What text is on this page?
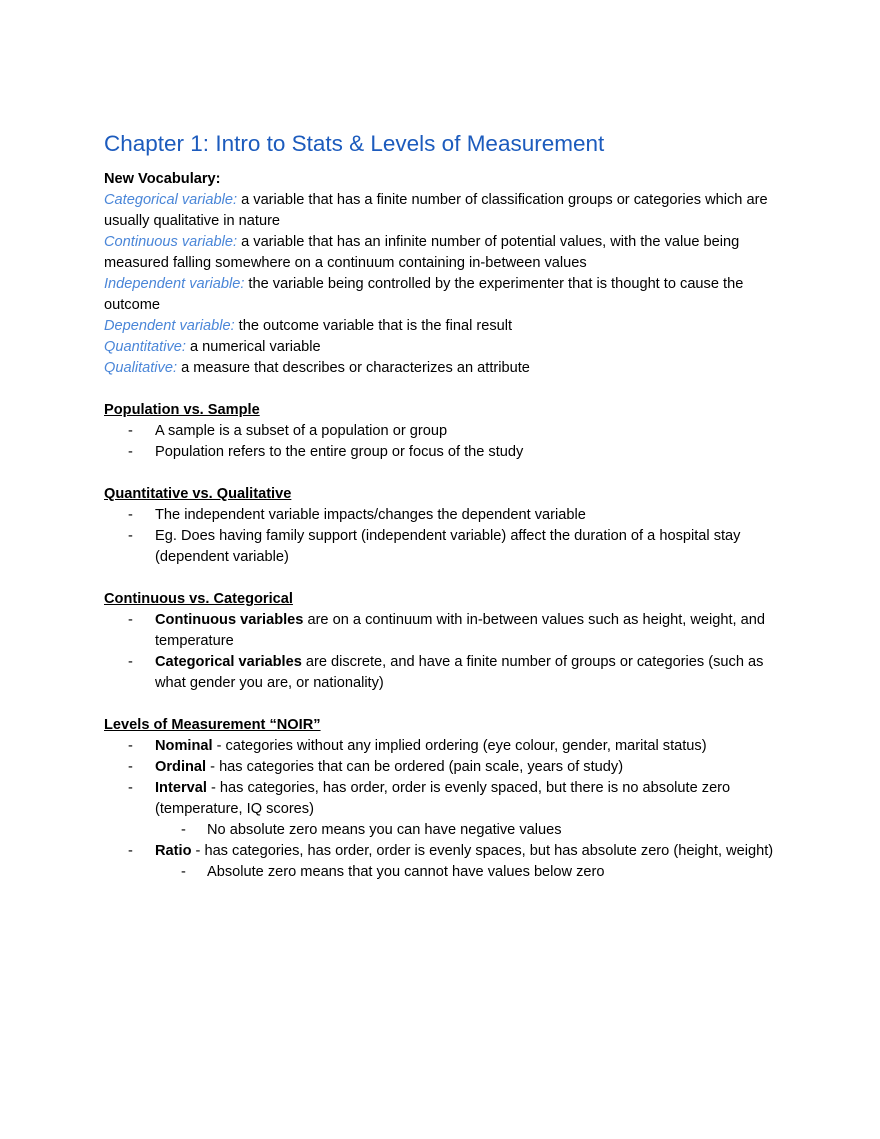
Chapter 1: Intro to Stats & Levels of Measurement
New Vocabulary:

Categorical variable: a variable that has a finite number of classification groups or categories which are usually qualitative in nature

Continuous variable: a variable that has an infinite number of potential values, with the value being measured falling somewhere on a continuum containing in-between values

Independent variable: the variable being controlled by the experimenter that is thought to cause the outcome

Dependent variable: the outcome variable that is the final result

Quantitative: a numerical variable

Qualitative: a measure that describes or characterizes an attribute

Population vs. Sample
- A sample is a subset of a population or group
- Population refers to the entire group or focus of the study
Quantitative vs. Qualitative
- The independent variable impacts/changes the dependent variable
- Eg. Does having family support (independent variable) affect the duration of a hospital stay (dependent variable)
Continuous vs. Categorical
- Continuous variables are on a continuum with in-between values such as height, weight, and temperature
- Categorical variables are discrete, and have a finite number of groups or categories (such as what gender you are, or nationality)
Levels of Measurement “NOIR”
- Nominal - categories without any implied ordering (eye colour, gender, marital status)
- Ordinal - has categories that can be ordered (pain scale, years of study)
- Interval - has categories, has order, order is evenly spaced, but there is no absolute zero (temperature, IQ scores)
- No absolute zero means you can have negative values
- Ratio - has categories, has order, order is evenly spaces, but has absolute zero (height, weight)
- Absolute zero means that you cannot have values below zero
